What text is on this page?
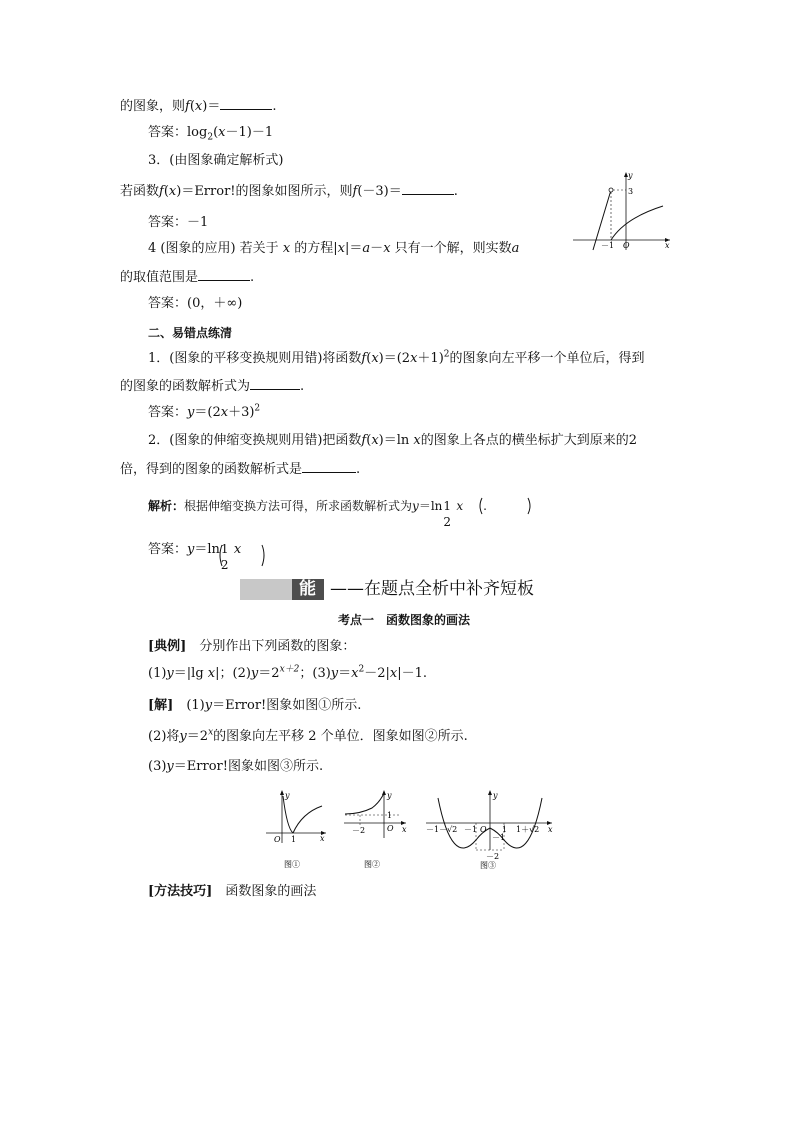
的图象，则f(x)＝	.
答案：$\log_2(x-1)-1$
3．(由图象确定解析式)
若函数f(x)＝Error!的图象如图所示，则f(－3)＝	.
答案：－1
4 (图象的应用) 若关于 x 的方程|x|＝a－x 只有一个解，则实数a
的取值范围是	.
答案：(0，＋∞)
二、易错点练清
1．(图象的平移变换规则用错)将函数$f(x)=(2x+1)^2$的图象向左平移一个单位后，得到
的图象的函数解析式为	.
答案：$y=(2x+3)^2$
2．(图象的伸缩变换规则用错)把函数f(x)＝ln x的图象上各点的横坐标扩大到原来的2
倍，得到的图象的函数解析式是	.
解析：根据伸缩变换方法可得，所求函数解析式为y＝ln 1
2
x .
答案：y＝ln 1
2
x
能力
——在题点全析中补齐短板
考点一　函数图象的画法
[典例]　分别作出下列函数的图象：
(1)y＝|lg x|；$(2)y=2^{x+2}$；$(3)y=x^2-2|x|-1$.
[解]　(1)y＝Error!图象如图①所示.
(2)将$y=2^x$的图象向左平移 2 个单位．图象如图②所示.
(3)y＝Error!图象如图③所示.
[方法技巧]　函数图象的画法
y
x
3
－1 O
y
x
O 1
图①
y
x
O
1
－2
图②
y
x
－1－√2 －1 O 1 1＋√2
－1
－2
图③
